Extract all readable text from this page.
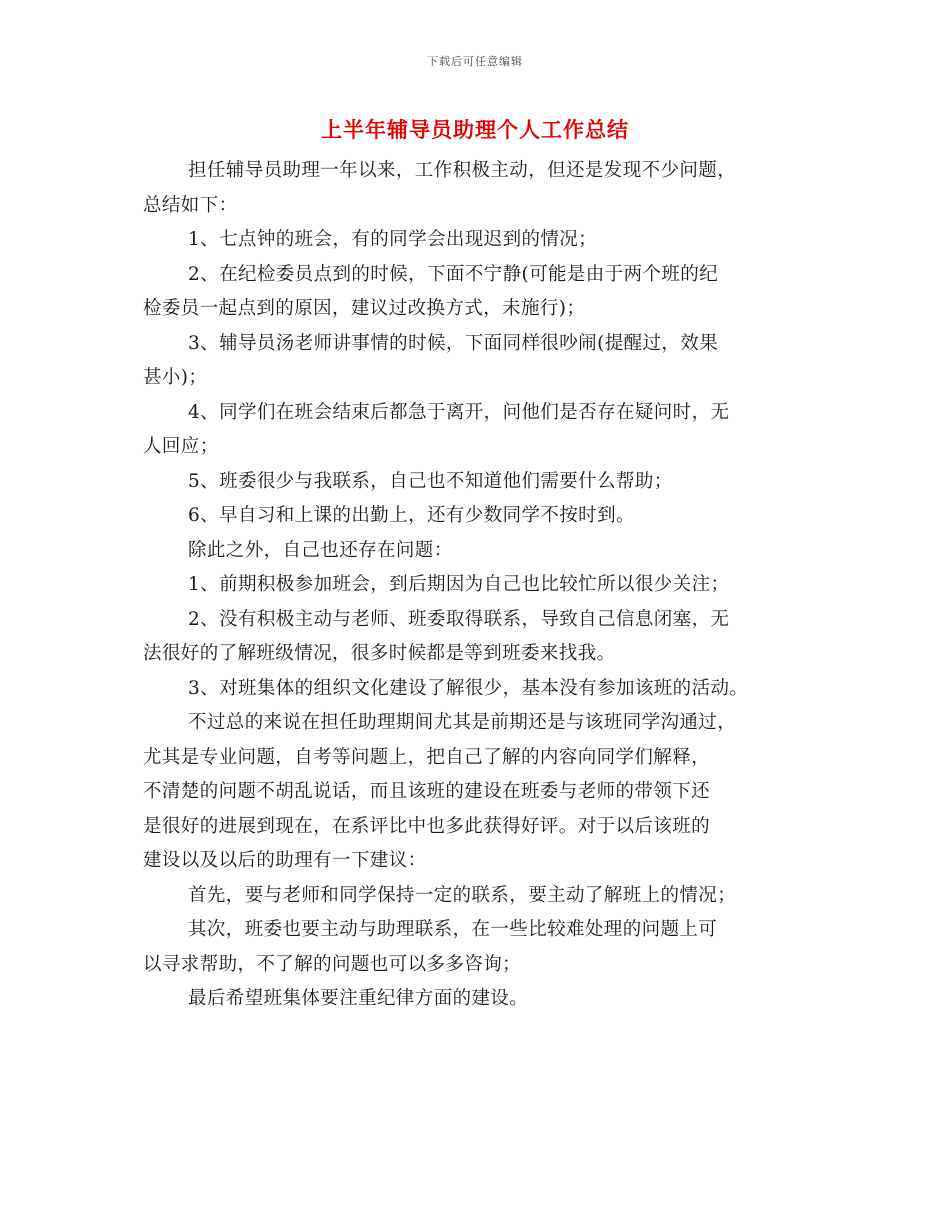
下载后可任意编辑
上半年辅导员助理个人工作总结

担任辅导员助理一年以来，工作积极主动，但还是发现不少问题，

总结如下：

1、七点钟的班会，有的同学会出现迟到的情况；

2、在纪检委员点到的时候，下面不宁静(可能是由于两个班的纪

检委员一起点到的原因，建议过改换方式，未施行)；

3、辅导员汤老师讲事情的时候，下面同样很吵闹(提醒过，效果

甚小)；

4、同学们在班会结束后都急于离开，问他们是否存在疑问时，无

人回应；

5、班委很少与我联系，自己也不知道他们需要什么帮助；

6、早自习和上课的出勤上，还有少数同学不按时到。

除此之外，自己也还存在问题：

1、前期积极参加班会，到后期因为自己也比较忙所以很少关注；

2、没有积极主动与老师、班委取得联系，导致自己信息闭塞，无

法很好的了解班级情况，很多时候都是等到班委来找我。

3、对班集体的组织文化建设了解很少，基本没有参加该班的活动。

不过总的来说在担任助理期间尤其是前期还是与该班同学沟通过，

尤其是专业问题，自考等问题上，把自己了解的内容向同学们解释，

不清楚的问题不胡乱说话，而且该班的建设在班委与老师的带领下还

是很好的进展到现在，在系评比中也多此获得好评。对于以后该班的

建设以及以后的助理有一下建议：

首先，要与老师和同学保持一定的联系，要主动了解班上的情况；

其次，班委也要主动与助理联系，在一些比较难处理的问题上可

以寻求帮助，不了解的问题也可以多多咨询；

最后希望班集体要注重纪律方面的建设。
